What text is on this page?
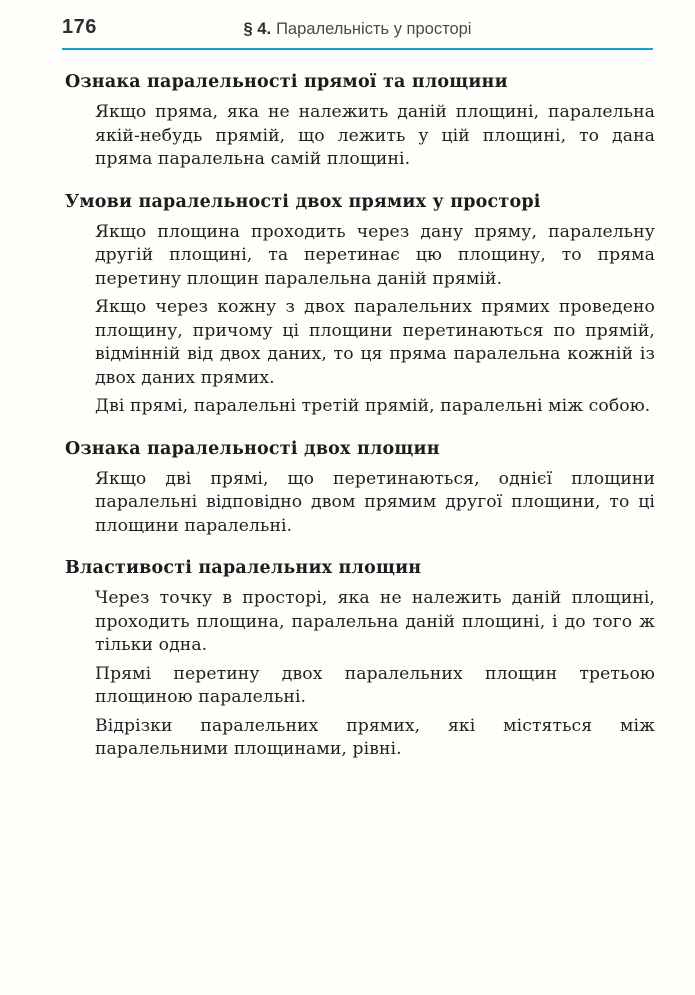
176	§ 4. Паралельність у просторі
Ознака паралельності прямої та площини

Якщо пряма, яка не належить даній площині, паралельна якій-небудь прямій, що лежить у цій площині, то дана пряма паралельна самій площині.

Умови паралельності двох прямих у просторі

Якщо площина проходить через дану пряму, паралельну другій площині, та перетинає цю площину, то пряма перетину площин паралельна даній прямій.

Якщо через кожну з двох паралельних прямих проведено площину, причому ці площини перетинаються по прямій, відмінній від двох даних, то ця пряма паралельна кожній із двох даних прямих.

Дві прямі, паралельні третій прямій, паралельні між собою.

Ознака паралельності двох площин

Якщо дві прямі, що перетинаються, однієї площини паралельні відповідно двом прямим другої площини, то ці площини паралельні.

Властивості паралельних площин

Через точку в просторі, яка не належить даній площині, проходить площина, паралельна даній площині, і до того ж тільки одна.

Прямі перетину двох паралельних площин третьою площиною паралельні.

Відрізки паралельних прямих, які містяться між паралельними площинами, рівні.
